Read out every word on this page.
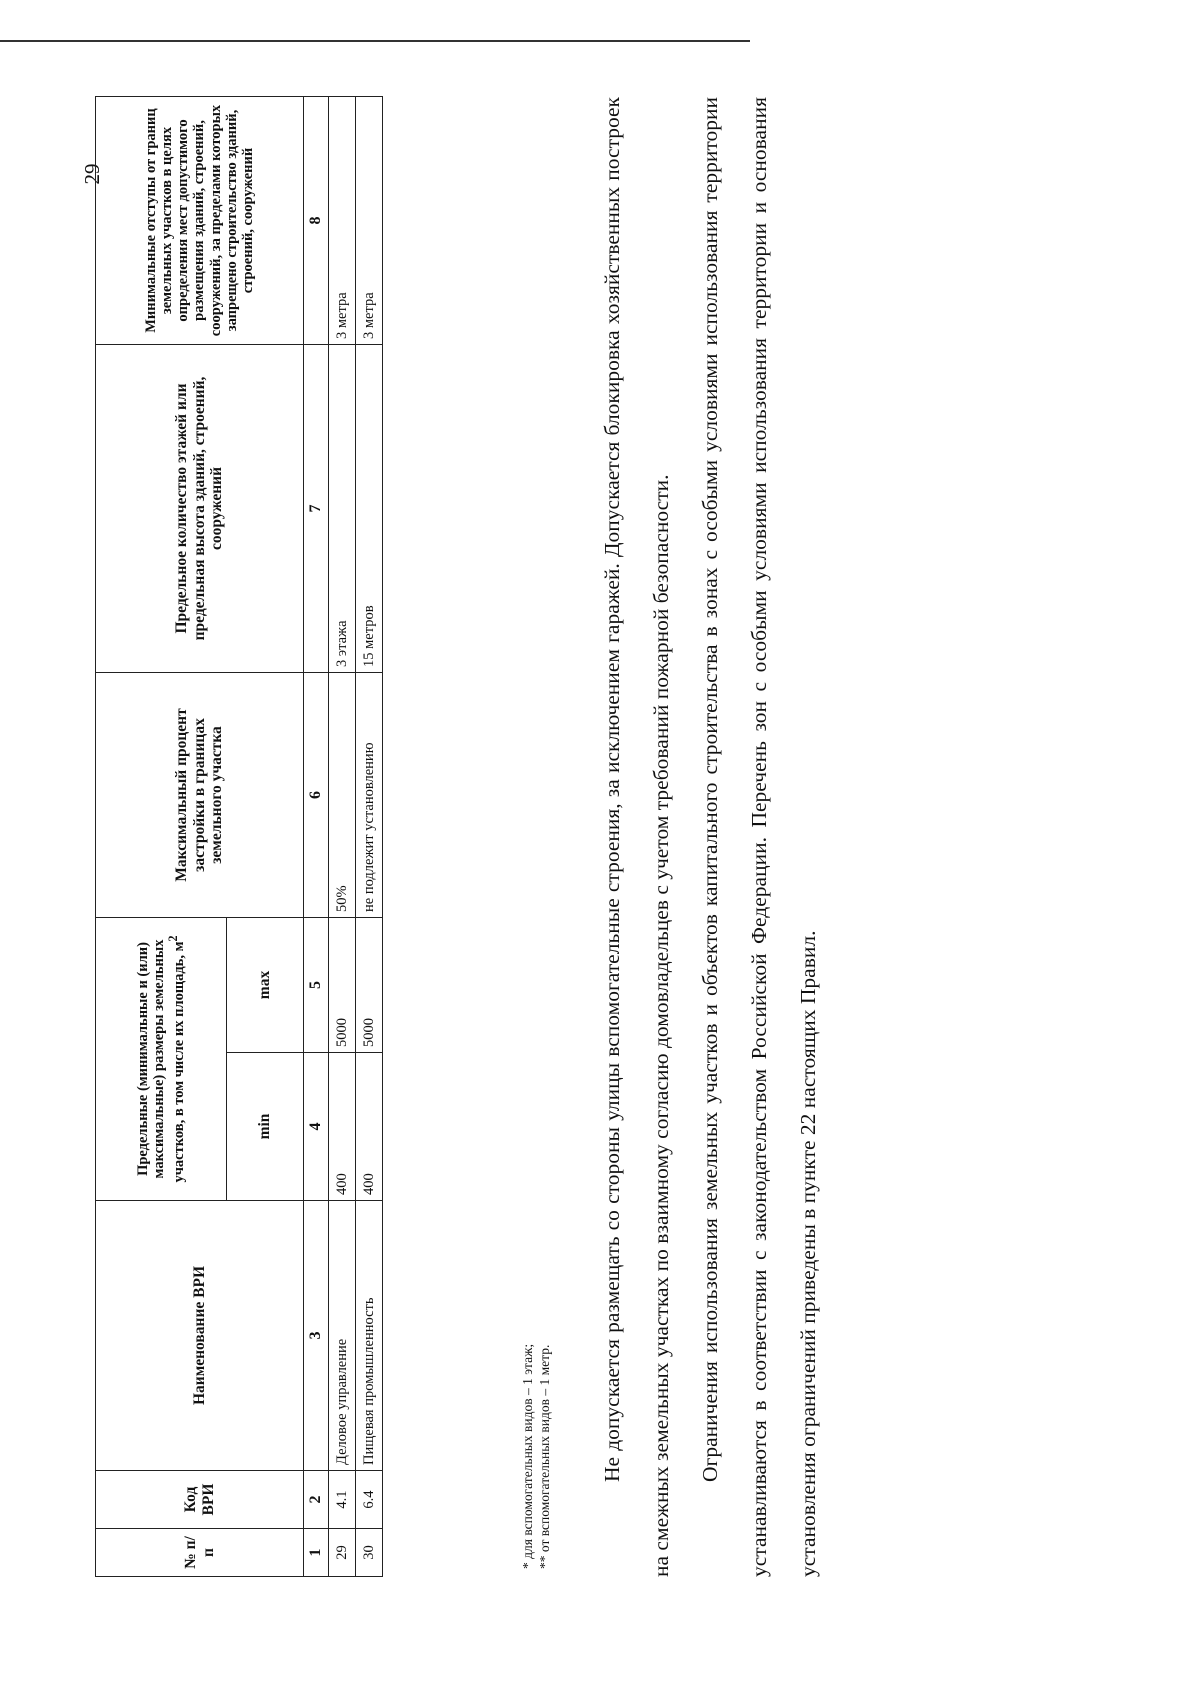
29
№ п/п	Код ВРИ	Наименование ВРИ	Предельные (минимальные и (или) максимальные) размеры земельных участков, в том числе их площадь, $м^2$		Максимальный процент застройки в границах земельного участка	Предельное количество этажей или предельная высота зданий, строений, сооружений	Минимальные отступы от границ земельных участков в целях определения мест допустимого размещения зданий, строений, сооружений, за пределами которых запрещено строительство зданий, строений, сооружений
			min	max			
1	2	3	4	5	6	7	8
29	4.1	Деловое управление	400	5000	50%	3 этажа	3 метра
30	6.4	Пищевая промышленность	400	5000	не подлежит установлению	15 метров	3 метра
* для вспомогательных видов – 1 этаж; ** от вспомогательных видов – 1 метр.	Не допускается размещать со стороны улицы вспомогательные строения, за исключением гаражей. Допускается блокировка хозяйственных построек на смежных земельных участках по взаимному согласию домовладельцев с учетом требований пожарной безопасности.	Ограничения использования земельных участков и объектов капитального строительства в зонах с особыми условиями использования территории устанавливаются в соответствии с законодательством Российской Федерации. Перечень зон с особыми условиями использования территории и основания установления ограничений приведены в пункте 22 настоящих Правил.
